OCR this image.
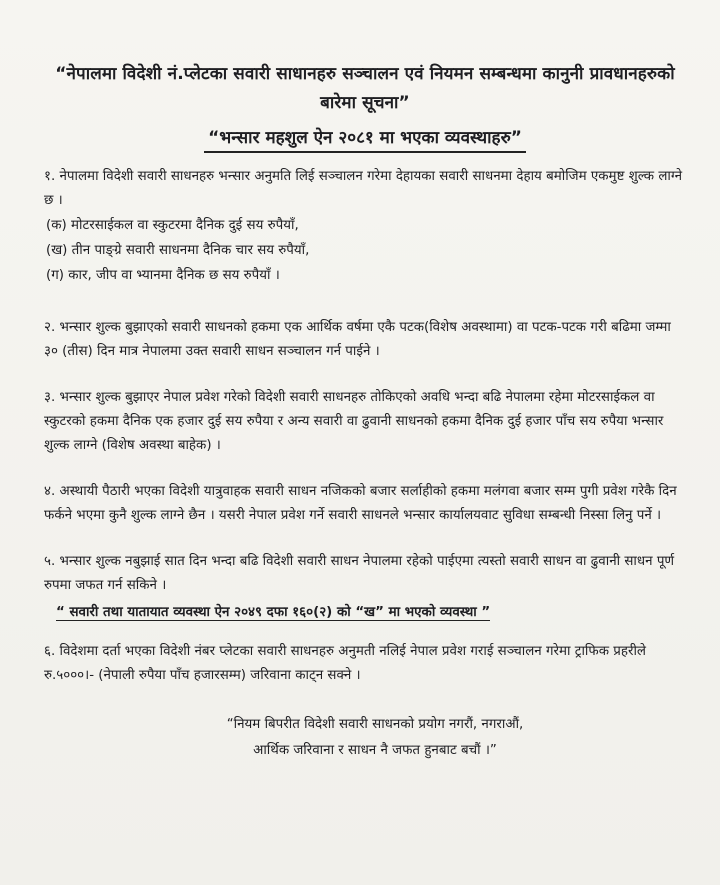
“नेपालमा विदेशी नं.प्लेटका सवारी साधानहरु सञ्चालन एवं नियमन सम्बन्धमा कानुनी प्रावधानहरुको बारेमा सूचना”
“भन्सार महशुल ऐन २०८१ मा भएका व्यवस्थाहरु”

१. नेपालमा विदेशी सवारी साधनहरु भन्सार अनुमति लिई सञ्चालन गरेमा देहायका सवारी साधनमा देहाय बमोजिम एकमुष्ट शुल्क लाग्ने छ ।

(क) मोटरसाईकल वा स्कुटरमा दैनिक दुई सय रुपैयाँ,
(ख) तीन पाङ्ग्रे सवारी साधनमा दैनिक चार सय रुपैयाँ,
(ग) कार, जीप वा भ्यानमा दैनिक छ सय रुपैयाँ ।

२. भन्सार शुल्क बुझाएको सवारी साधनको हकमा एक आर्थिक वर्षमा एकै पटक(विशेष अवस्थामा) वा पटक-पटक गरी बढिमा जम्मा ३० (तीस) दिन मात्र नेपालमा उक्त सवारी साधन सञ्चालन गर्न पाईने ।

३. भन्सार शुल्क बुझाएर नेपाल प्रवेश गरेको विदेशी सवारी साधनहरु तोकिएको अवधि भन्दा बढि नेपालमा रहेमा मोटरसाईकल वा स्कुटरको हकमा दैनिक एक हजार दुई सय रुपैया र अन्य सवारी वा ढुवानी साधनको हकमा दैनिक दुई हजार पाँच सय रुपैया भन्सार शुल्क लाग्ने (विशेष अवस्था बाहेक) ।

४. अस्थायी पैठारी भएका विदेशी यात्रुवाहक सवारी साधन नजिकको बजार सर्लाहीको हकमा मलंगवा बजार सम्म पुगी प्रवेश गरेकै दिन फर्कने भएमा कुनै शुल्क लाग्ने छैन । यसरी नेपाल प्रवेश गर्ने सवारी साधनले भन्सार कार्यालयवाट सुविधा सम्बन्धी निस्सा लिनु पर्ने ।

५. भन्सार शुल्क नबुझाई सात दिन भन्दा बढि विदेशी सवारी साधन नेपालमा रहेको पाईएमा त्यस्तो सवारी साधन वा ढुवानी साधन पूर्ण रुपमा जफत गर्न सकिने ।

“ सवारी तथा यातायात व्यवस्था ऐन २०४९ दफा १६०(२) को “ख” मा भएको व्यवस्था ”

६. विदेशमा दर्ता भएका विदेशी नंबर प्लेटका सवारी साधनहरु अनुमती नलिई नेपाल प्रवेश गराई सञ्चालन गरेमा ट्राफिक प्रहरीले रु.५०००।- (नेपाली रुपैया पाँच हजारसम्म) जरिवाना काट्न सक्ने ।

“नियम बिपरीत विदेशी सवारी साधनको प्रयोग नगरौं, नगराऔं,
आर्थिक जरिवाना र साधन नै जफत हुनबाट बचौं ।”
